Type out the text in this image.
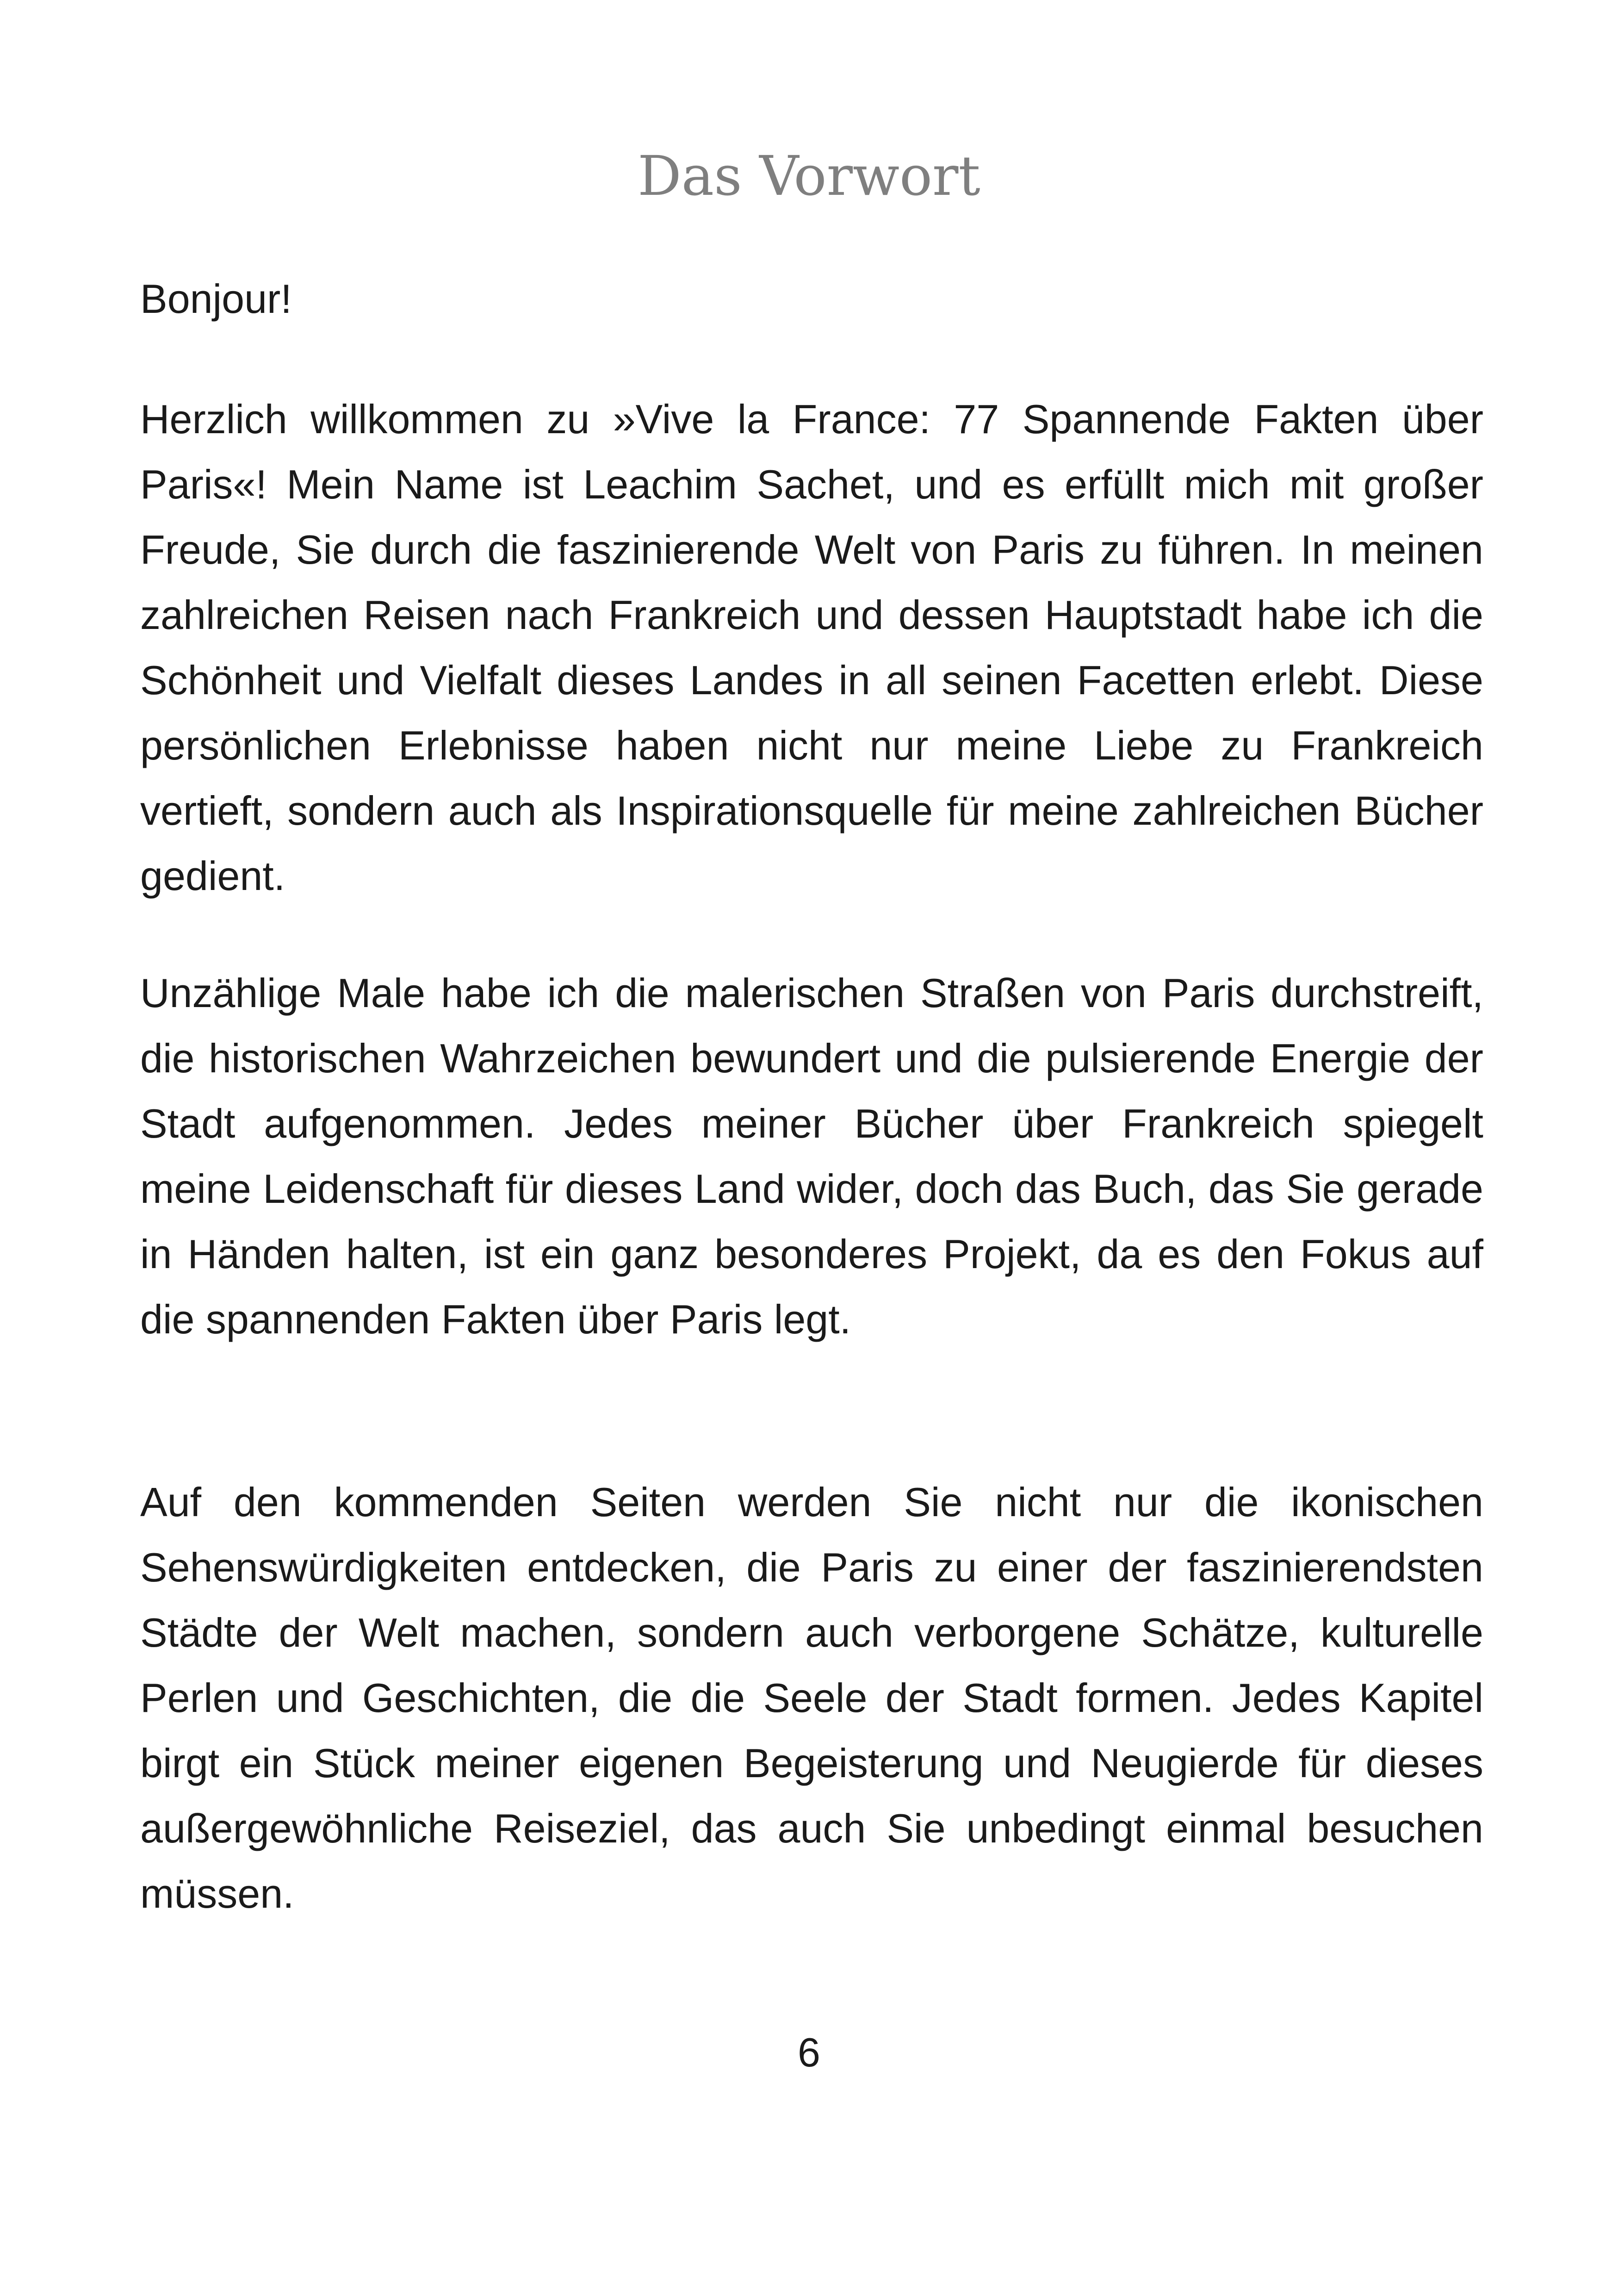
Das Vorwort

Bonjour!

Herzlich willkommen zu »Vive la France: 77 Spannende Fakten über Paris«! Mein Name ist Leachim Sachet, und es erfüllt mich mit großer Freude, Sie durch die faszinierende Welt von Paris zu führen. In meinen zahlreichen Reisen nach Frankreich und dessen Hauptstadt habe ich die Schönheit und Vielfalt dieses Landes in all seinen Facetten erlebt. Diese persönlichen Erlebnisse haben nicht nur meine Liebe zu Frankreich vertieft, sondern auch als Inspirationsquelle für meine zahlreichen Bücher gedient.

Unzählige Male habe ich die malerischen Straßen von Paris durchstreift, die historischen Wahrzeichen bewundert und die pulsierende Energie der Stadt aufgenommen. Jedes meiner Bücher über Frankreich spiegelt meine Leidenschaft für dieses Land wider, doch das Buch, das Sie gerade in Händen halten, ist ein ganz besonderes Projekt, da es den Fokus auf die spannenden Fakten über Paris legt.

Auf den kommenden Seiten werden Sie nicht nur die ikonischen Sehenswürdigkeiten entdecken, die Paris zu einer der faszinierendsten Städte der Welt machen, sondern auch verborgene Schätze, kulturelle Perlen und Geschichten, die die Seele der Stadt formen. Jedes Kapitel birgt ein Stück meiner eigenen Begeisterung und Neugierde für dieses außergewöhnliche Reiseziel, das auch Sie unbedingt einmal besuchen müssen.

6
